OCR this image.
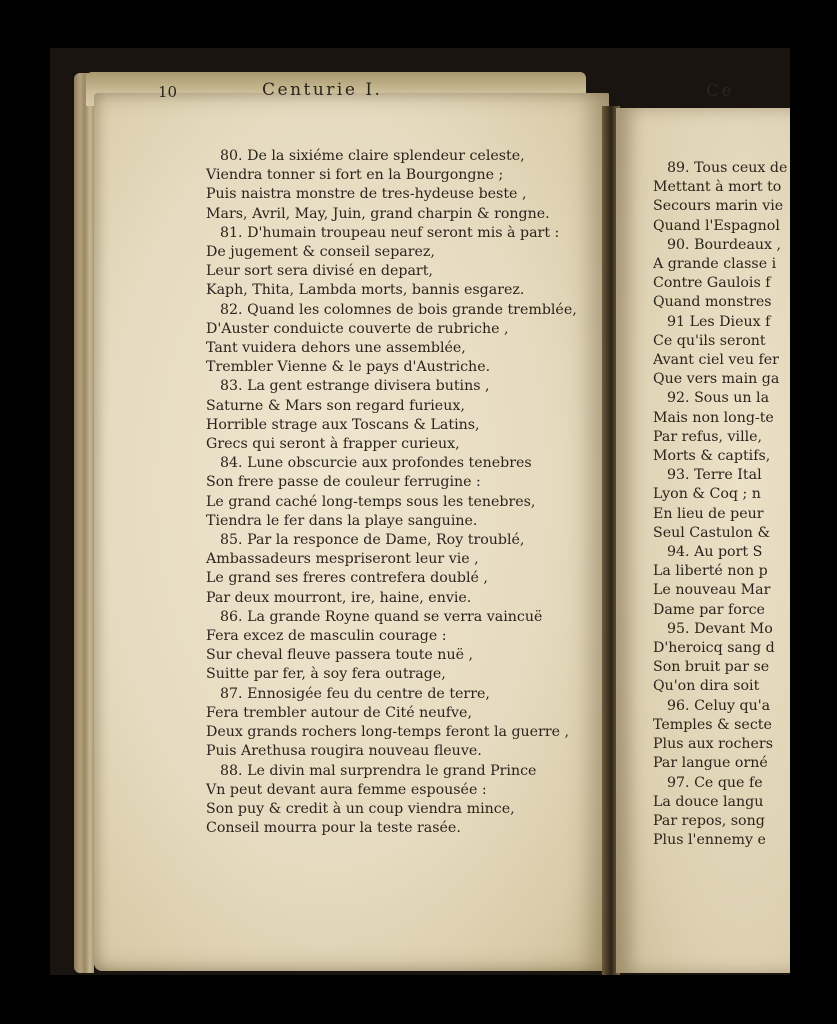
10	Centurie I.	Ce
80. De la sixiéme claire splendeur celeste,
Viendra tonner si fort en la Bourgongne ;
Puis naistra monstre de tres-hydeuse beste ,
Mars, Avril, May, Juin, grand charpin & rongne.
81. D'humain troupeau neuf seront mis à part :
De jugement & conseil separez,
Leur sort sera divisé en depart,
Kaph, Thita, Lambda morts, bannis esgarez.
82. Quand les colomnes de bois grande tremblée,
D'Auster conduicte couverte de rubriche ,
Tant vuidera dehors une assemblée,
Trembler Vienne & le pays d'Austriche.
83. La gent estrange divisera butins ,
Saturne & Mars son regard furieux,
Horrible strage aux Toscans & Latins,
Grecs qui seront à frapper curieux,
84. Lune obscurcie aux profondes tenebres
Son frere passe de couleur ferrugine :
Le grand caché long-temps sous les tenebres,
Tiendra le fer dans la playe sanguine.
85. Par la responce de Dame, Roy troublé,
Ambassadeurs mespriseront leur vie ,
Le grand ses freres contrefera doublé ,
Par deux mourront, ire, haine, envie.
86. La grande Royne quand se verra vaincuë
Fera excez de masculin courage :
Sur cheval fleuve passera toute nuë ,
Suitte par fer, à soy fera outrage,
87. Ennosigée feu du centre de terre,
Fera trembler autour de Cité neufve,
Deux grands rochers long-temps feront la guerre ,
Puis Arethusa rougira nouveau fleuve.
88. Le divin mal surprendra le grand Prince
Vn peut devant aura femme espousée :
Son puy & credit à un coup viendra mince,
Conseil mourra pour la teste rasée.
89. Tous ceux de
Mettant à mort to
Secours marin vie
Quand l'Espagnol
90. Bourdeaux ,
A grande classe i
Contre Gaulois f
Quand monstres
91 Les Dieux f
Ce qu'ils seront
Avant ciel veu fer
Que vers main ga
92. Sous un la
Mais non long-te
Par refus, ville,
Morts & captifs,
93. Terre Ital
Lyon & Coq ; n
En lieu de peur
Seul Castulon &
94. Au port S
La liberté non p
Le nouveau Mar
Dame par force
95. Devant Mo
D'heroicq sang d
Son bruit par se
Qu'on dira soit
96. Celuy qu'a
Temples & secte
Plus aux rochers
Par langue orné
97. Ce que fe
La douce langu
Par repos, song
Plus l'ennemy e
